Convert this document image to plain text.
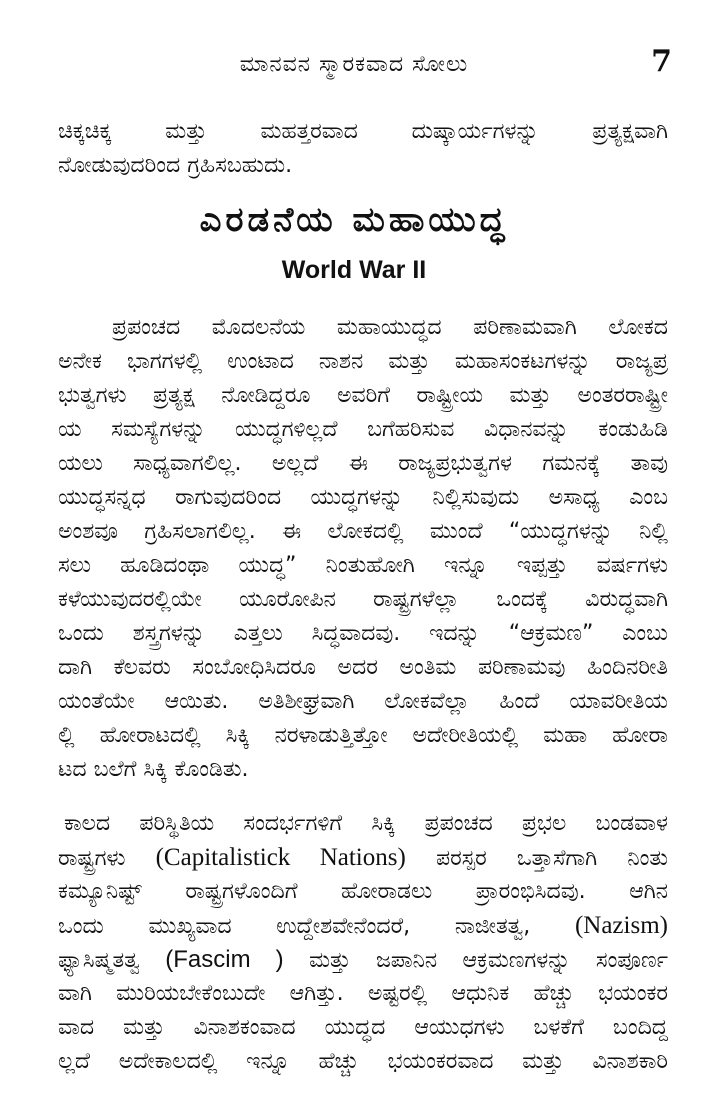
ಮಾನವನ ಸ್ಮಾರಕವಾದ ಸೋಲು	7
ಚಿಕ್ಕಚಿಕ್ಕ ಮತ್ತು ಮಹತ್ತರವಾದ ದುಷ್ಕಾರ್ಯಗಳನ್ನು ಪ್ರತ್ಯಕ್ಷವಾಗಿ
ನೋಡುವುದರಿಂದ ಗ್ರಹಿಸಬಹುದು.
ಎರಡನೆಯ ಮಹಾಯುದ್ಧ
World War II
ಪ್ರಪಂಚದ ಮೊದಲನೆಯ ಮಹಾಯುದ್ಧದ ಪರಿಣಾಮವಾಗಿ ಲೋಕದ
ಅನೇಕ ಭಾಗಗಳಲ್ಲಿ ಉಂಟಾದ ನಾಶನ ಮತ್ತು ಮಹಾಸಂಕಟಗಳನ್ನು ರಾಜ್ಯಪ್ರ
ಭುತ್ವಗಳು ಪ್ರತ್ಯಕ್ಷ ನೋಡಿದ್ದರೂ ಅವರಿಗೆ ರಾಷ್ಟ್ರೀಯ ಮತ್ತು ಅಂತರರಾಷ್ಟ್ರೀ
ಯ ಸಮಸ್ಯೆಗಳನ್ನು ಯುದ್ಧಗಳಿಲ್ಲದೆ ಬಗೆಹರಿಸುವ ವಿಧಾನವನ್ನು ಕಂಡುಹಿಡಿ
ಯಲು ಸಾಧ್ಯವಾಗಲಿಲ್ಲ. ಅಲ್ಲದೆ ಈ ರಾಜ್ಯಪ್ರಭುತ್ವಗಳ ಗಮನಕ್ಕೆ ತಾವು
ಯುದ್ಧಸನ್ನಧ ರಾಗುವುದರಿಂದ ಯುದ್ಧಗಳನ್ನು ನಿಲ್ಲಿಸುವುದು ಅಸಾಧ್ಯ ಎಂಬ
ಅಂಶವೂ ಗ್ರಹಿಸಲಾಗಲಿಲ್ಲ. ಈ ಲೋಕದಲ್ಲಿ ಮುಂದೆ “ಯುದ್ಧಗಳನ್ನು ನಿಲ್ಲಿ
ಸಲು ಹೂಡಿದಂಥಾ ಯುದ್ಧ” ನಿಂತುಹೋಗಿ ಇನ್ನೂ ಇಪ್ಪತ್ತು ವರ್ಷಗಳು
ಕಳೆಯುವುದರಲ್ಲಿಯೇ ಯೂರೋಪಿನ ರಾಷ್ಟ್ರಗಳೆಲ್ಲಾ ಒಂದಕ್ಕೆ ವಿರುದ್ಧವಾಗಿ
ಒಂದು ಶಸ್ತ್ರಗಳನ್ನು ಎತ್ತಲು ಸಿದ್ಧವಾದವು. ಇದನ್ನು “ಆಕ್ರಮಣ” ಎಂಬು
ದಾಗಿ ಕೆಲವರು ಸಂಬೋಧಿಸಿದರೂ ಅದರ ಅಂತಿಮ ಪರಿಣಾಮವು ಹಿಂದಿನರೀತಿ
ಯಂತೆಯೇ ಆಯಿತು. ಅತಿಶೀಘ್ರವಾಗಿ ಲೋಕವೆಲ್ಲಾ ಹಿಂದೆ ಯಾವರೀತಿಯ
ಲ್ಲಿ ಹೋರಾಟದಲ್ಲಿ ಸಿಕ್ಕಿ ನರಳಾಡುತ್ತಿತ್ತೋ ಅದೇರೀತಿಯಲ್ಲಿ ಮಹಾ ಹೋರಾ
ಟದ ಬಲೆಗೆ ಸಿಕ್ಕಿ ಕೊಂಡಿತು.
ಕಾಲದ ಪರಿಸ್ಥಿತಿಯ ಸಂದರ್ಭಗಳಿಗೆ ಸಿಕ್ಕಿ ಪ್ರಪಂಚದ ಪ್ರಭಲ ಬಂಡವಾಳ
ರಾಷ್ಟ್ರಗಳು (Capitalistick Nations) ಪರಸ್ಪರ ಒತ್ತಾಸೆಗಾಗಿ ನಿಂತು
ಕಮ್ಯೂನಿಷ್ಟ್ ರಾಷ್ಟ್ರಗಳೊಂದಿಗೆ ಹೋರಾಡಲು ಪ್ರಾರಂಭಿಸಿದವು. ಆಗಿನ
ಒಂದು ಮುಖ್ಯವಾದ ಉದ್ದೇಶವೇನೆಂದರೆ, ನಾಜೀತತ್ವ, (Nazism)
ಫ್ಯಾಸಿಷ್ಮತತ್ವ (Fascim ) ಮತ್ತು ಜಪಾನಿನ ಆಕ್ರಮಣಗಳನ್ನು ಸಂಪೂರ್ಣ
ವಾಗಿ ಮುರಿಯಬೇಕೆಂಬುದೇ ಆಗಿತ್ತು. ಅಷ್ಟರಲ್ಲಿ ಆಧುನಿಕ ಹೆಚ್ಚು ಭಯಂಕರ
ವಾದ ಮತ್ತು ವಿನಾಶಕಂವಾದ ಯುದ್ಧದ ಆಯುಧಗಳು ಬಳಕೆಗೆ ಬಂದಿದ್ದ
ಲ್ಲದೆ ಅದೇಕಾಲದಲ್ಲಿ ಇನ್ನೂ ಹೆಚ್ಚು ಭಯಂಕರವಾದ ಮತ್ತು ವಿನಾಶಕಾರಿ
